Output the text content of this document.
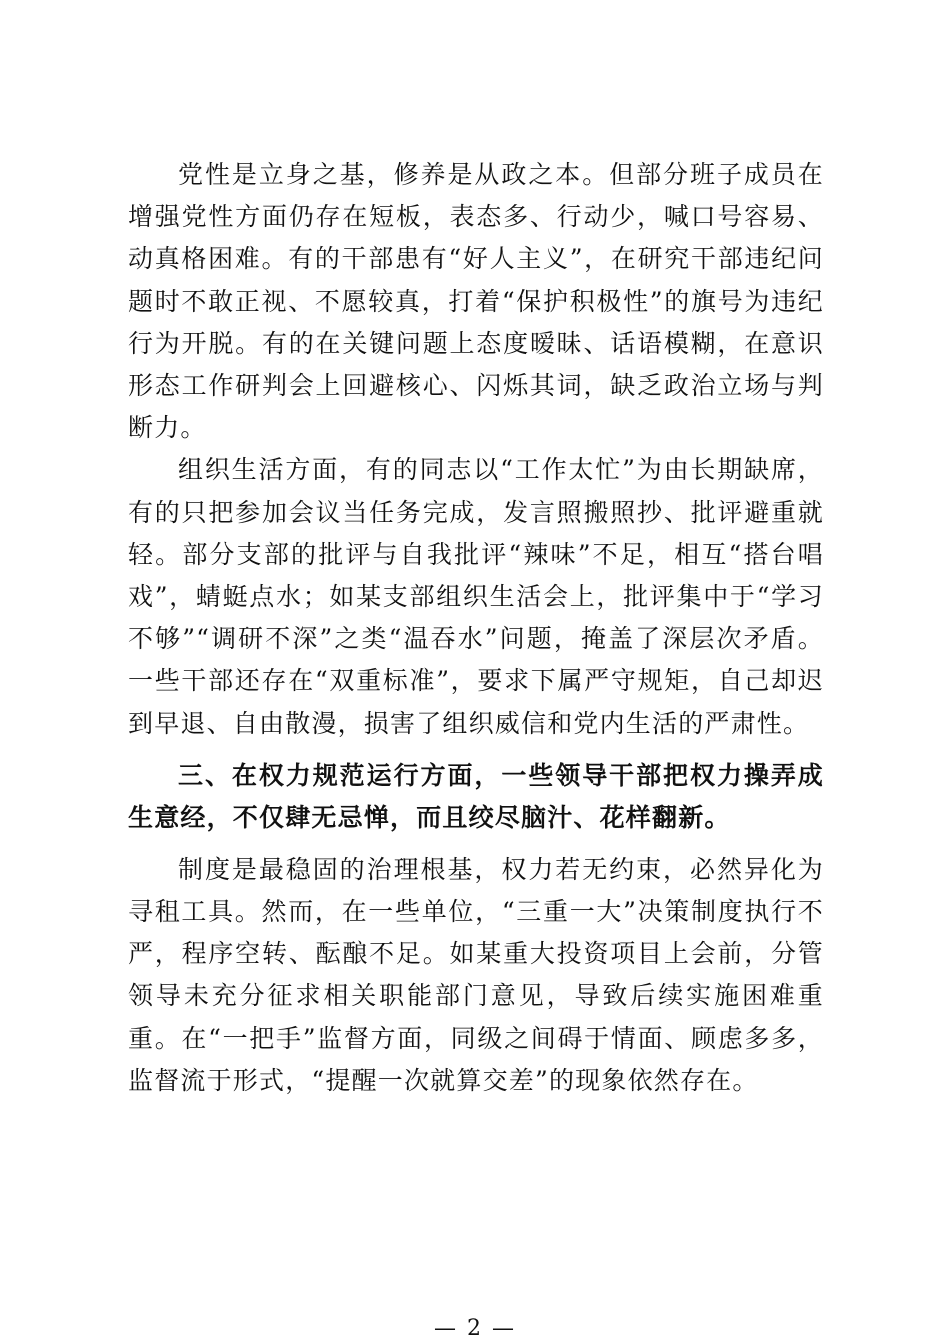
党性是立身之基，修养是从政之本。但部分班子成员在增强党性方面仍存在短板，表态多、行动少，喊口号容易、动真格困难。有的干部患有“好人主义”，在研究干部违纪问题时不敢正视、不愿较真，打着“保护积极性”的旗号为违纪行为开脱。有的在关键问题上态度暧昧、话语模糊，在意识形态工作研判会上回避核心、闪烁其词，缺乏政治立场与判断力。

组织生活方面，有的同志以“工作太忙”为由长期缺席，有的只把参加会议当任务完成，发言照搬照抄、批评避重就轻。部分支部的批评与自我批评“辣味”不足，相互“搭台唱戏”，蜻蜓点水；如某支部组织生活会上，批评集中于“学习不够”“调研不深”之类“温吞水”问题，掩盖了深层次矛盾。一些干部还存在“双重标准”，要求下属严守规矩，自己却迟到早退、自由散漫，损害了组织威信和党内生活的严肃性。

三、在权力规范运行方面，一些领导干部把权力操弄成生意经，不仅肆无忌惮，而且绞尽脑汁、花样翻新。

制度是最稳固的治理根基，权力若无约束，必然异化为寻租工具。然而，在一些单位，“三重一大”决策制度执行不严，程序空转、酝酿不足。如某重大投资项目上会前，分管领导未充分征求相关职能部门意见，导致后续实施困难重重。在“一把手”监督方面，同级之间碍于情面、顾虑多多，监督流于形式，“提醒一次就算交差”的现象依然存在。

— 2 —
